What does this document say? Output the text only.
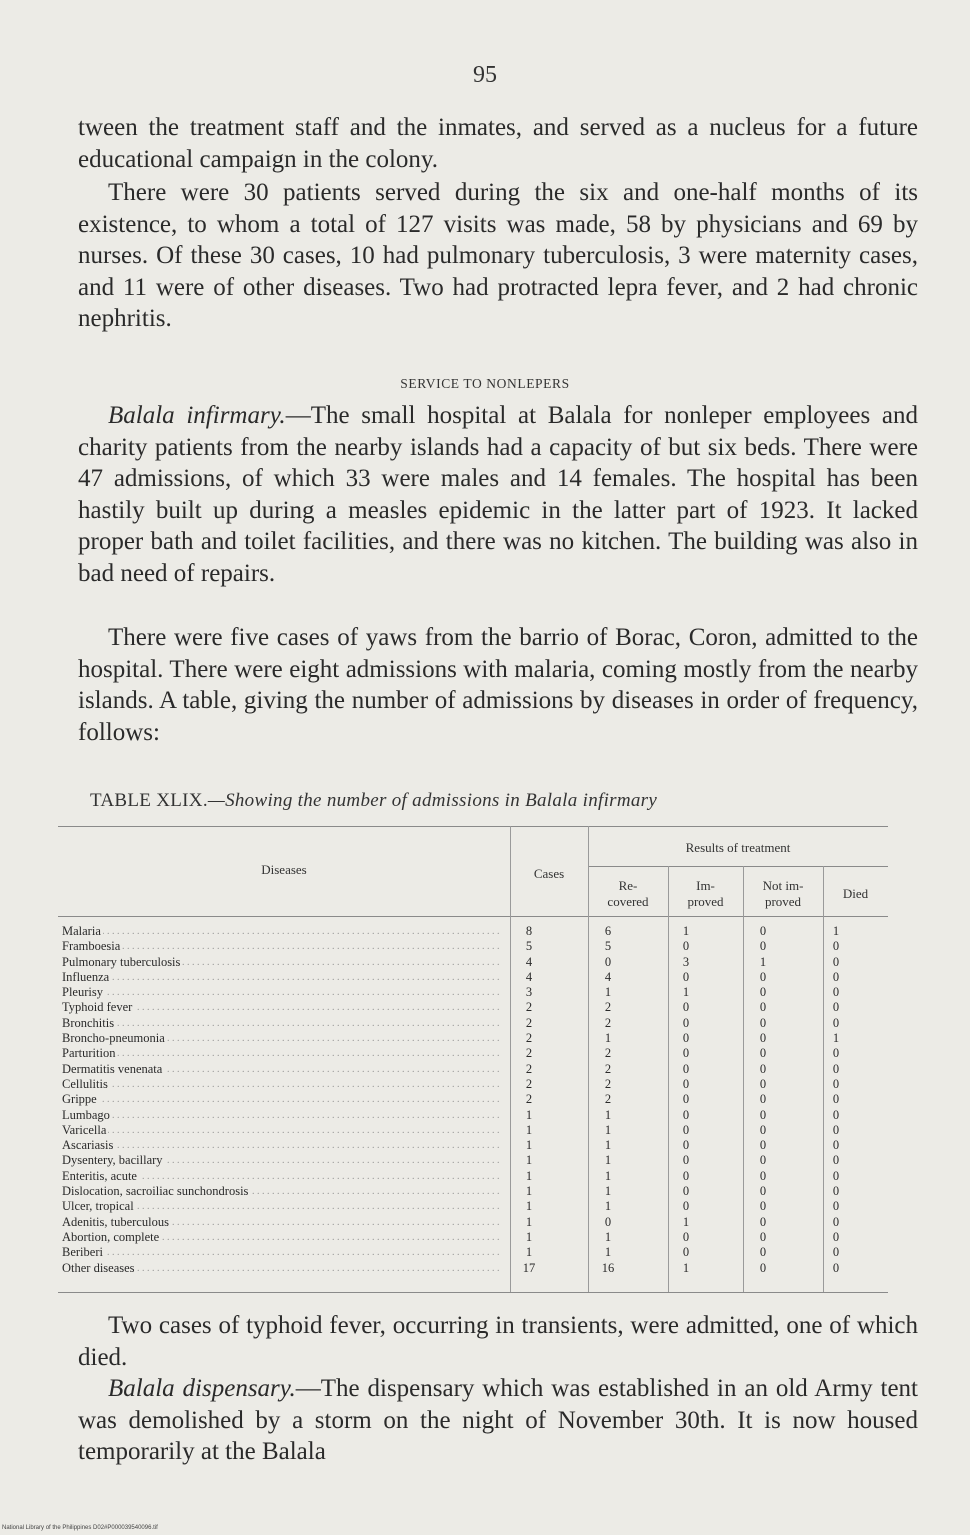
95

tween the treatment staff and the inmates, and served as a nucleus for a future educational campaign in the colony.

There were 30 patients served during the six and one-half months of its existence, to whom a total of 127 visits was made, 58 by physicians and 69 by nurses. Of these 30 cases, 10 had pulmonary tuberculosis, 3 were maternity cases, and 11 were of other diseases. Two had protracted lepra fever, and 2 had chronic nephritis.

SERVICE TO NONLEPERS

Balala infirmary.—The small hospital at Balala for nonleper employees and charity patients from the nearby islands had a capacity of but six beds. There were 47 admissions, of which 33 were males and 14 females. The hospital has been hastily built up during a measles epidemic in the latter part of 1923. It lacked proper bath and toilet facilities, and there was no kitchen. The building was also in bad need of repairs.

There were five cases of yaws from the barrio of Borac, Coron, admitted to the hospital. There were eight admissions with malaria, coming mostly from the nearby islands. A table, giving the number of admissions by diseases in order of frequency, follows:

TABLE XLIX.—Showing the number of admissions in Balala infirmary
Diseases	Cases
Results of treatment
Re-
covered
Im-
proved
Not im-
proved
Died
Malaria . . .	8	6	1	0	1
Framboesia . . .	5	5	0	0	0
Pulmonary tuberculosis . . .	4	0	3	1	0
Influenza . . .	4	4	0	0	0
Pleurisy . . .	3	1	1	0	0
Typhoid fever . . .	2	2	0	0	0
Bronchitis . . .	2	2	0	0	0
Broncho-pneumonia . . .	2	1	0	0	1
Parturition . . .	2	2	0	0	0
Dermatitis venenata . . .	2	2	0	0	0
Cellulitis . . .	2	2	0	0	0
Grippe . . .	2	2	0	0	0
Lumbago . . .	1	1	0	0	0
Varicella . . .	1	1	0	0	0
Ascariasis . . .	1	1	0	0	0
Dysentery, bacillary . . .	1	1	0	0	0
Enteritis, acute . . .	1	1	0	0	0
Dislocation, sacroiliac sunchondrosis . . .	1	1	0	0	0
Ulcer, tropical . . .	1	1	0	0	0
Adenitis, tuberculous . . .	1	0	1	0	0
Abortion, complete . . .	1	1	0	0	0
Beriberi . . .	1	1	0	0	0
Other diseases . . .	17	16	1	0	0

Two cases of typhoid fever, occurring in transients, were admitted, one of which died.

Balala dispensary.—The dispensary which was established in an old Army tent was demolished by a storm on the night of November 30th. It is now housed temporarily at the Balala

National Library of the Philippines D02#P000039540096.tif
